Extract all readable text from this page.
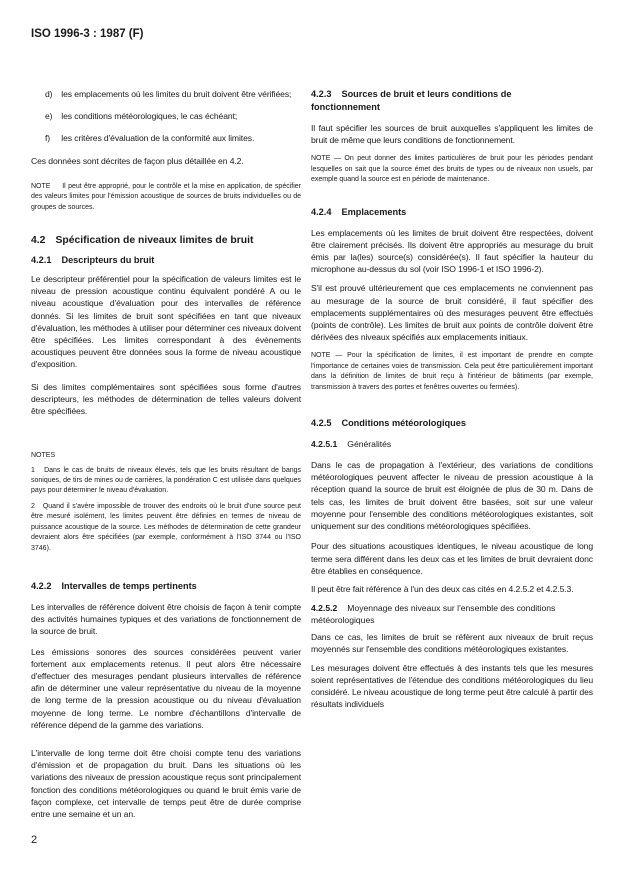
ISO 1996-3 : 1987 (F)
d) les emplacements où les limites du bruit doivent être vérifiées;
e) les conditions météorologiques, le cas échéant;
f) les critères d'évaluation de la conformité aux limites.
Ces données sont décrites de façon plus détaillée en 4.2.
NOTE     Il peut être approprié, pour le contrôle et la mise en application, de spécifier des valeurs limites pour l'émission acoustique de sources de bruits individuelles ou de groupes de sources.
4.2 Spécification de niveaux limites de bruit
4.2.1 Descripteurs du bruit
Le descripteur préférentiel pour la spécification de valeurs limites est le niveau de pression acoustique continu équivalent pondéré A ou le niveau acoustique d'évaluation pour des intervalles de référence donnés. Si les limites de bruit sont spécifiées en tant que niveaux d'évaluation, les méthodes à utiliser pour déterminer ces niveaux doivent être spécifiées. Les limites correspondant à des évènements acoustiques peuvent être données sous la forme de niveau acoustique d'exposition.
Si des limites complémentaires sont spécifiées sous forme d'autres descripteurs, les méthodes de détermination de telles valeurs doivent être spécifiées.
NOTES
1   Dans le cas de bruits de niveaux élevés, tels que les bruits résultant de bangs soniques, de tirs de mines ou de carrières, la pondération C est utilisée dans quelques pays pour déterminer le niveau d'évaluation.
2   Quand il s'avère impossible de trouver des endroits où le bruit d'une source peut être mesuré isolément, les limites peuvent être définies en termes de niveau de puissance acoustique de la source. Les méthodes de détermination de cette grandeur devraient alors être spécifiées (par exemple, conformément à l'ISO 3744 ou l'ISO 3746).
4.2.2 Intervalles de temps pertinents
Les intervalles de référence doivent être choisis de façon à tenir compte des activités humaines typiques et des variations de fonctionnement de la source de bruit.
Les émissions sonores des sources considérées peuvent varier fortement aux emplacements retenus. Il peut alors être nécessaire d'effectuer des mesurages pendant plusieurs intervalles de référence afin de déterminer une valeur représentative du niveau de la moyenne de long terme de la pression acoustique ou du niveau d'évaluation moyenne de long terme. Le nombre d'échantillons d'intervalle de référence dépend de la gamme des variations.
L'intervalle de long terme doit être choisi compte tenu des variations d'émission et de propagation du bruit. Dans les situations où les variations des niveaux de pression acoustique reçus sont principalement fonction des conditions météorologiques ou quand le bruit émis varie de façon complexe, cet intervalle de temps peut être de durée comprise entre une semaine et un an.
2
4.2.3 Sources de bruit et leurs conditions de fonctionnement
Il faut spécifier les sources de bruit auxquelles s'appliquent les limites de bruit de même que leurs conditions de fonctionnement.
NOTE — On peut donner des limites particulières de bruit pour les périodes pendant lesquelles on sait que la source émet des bruits de types ou de niveaux non usuels, par exemple quand la source est en période de maintenance.
4.2.4 Emplacements
Les emplacements où les limites de bruit doivent être respectées, doivent être clairement précisés. Ils doivent être appropriés au mesurage du bruit émis par la(les) source(s) considérée(s). Il faut spécifier la hauteur du microphone au-dessus du sol (voir ISO 1996-1 et ISO 1996-2).
S'il est prouvé ultérieurement que ces emplacements ne conviennent pas au mesurage de la source de bruit considéré, il faut spécifier des emplacements supplémentaires où des mesurages peuvent être effectués (points de contrôle). Les limites de bruit aux points de contrôle doivent être dérivées des niveaux spécifiés aux emplacements initiaux.
NOTE — Pour la spécification de limites, il est important de prendre en compte l'importance de certaines voies de transmission. Cela peut être particulièrement important dans la définition de limites de bruit reçu à l'intérieur de bâtiments (par exemple, transmission à travers des portes et fenêtres ouvertes ou fermées).
4.2.5 Conditions météorologiques
4.2.5.1 Généralités
Dans le cas de propagation à l'extérieur, des variations de conditions météorologiques peuvent affecter le niveau de pression acoustique à la réception quand la source de bruit est éloignée de plus de 30 m. Dans de tels cas, les limites de bruit doivent être basées, soit sur une valeur moyenne pour l'ensemble des conditions météorologiques existantes, soit uniquement sur des conditions météorologiques spécifiées.
Pour des situations acoustiques identiques, le niveau acoustique de long terme sera différent dans les deux cas et les limites de bruit devraient donc être établies en conséquence.
Il peut être fait référence à l'un des deux cas cités en 4.2.5.2 et 4.2.5.3.
4.2.5.2 Moyennage des niveaux sur l'ensemble des conditions météorologiques
Dans ce cas, les limites de bruit se réfèrent aux niveaux de bruit reçus moyennés sur l'ensemble des conditions météorologiques existantes.
Les mesurages doivent être effectués à des instants tels que les mesures soient représentatives de l'étendue des conditions météorologiques du lieu considéré. Le niveau acoustique de long terme peut être calculé à partir des résultats individuels
